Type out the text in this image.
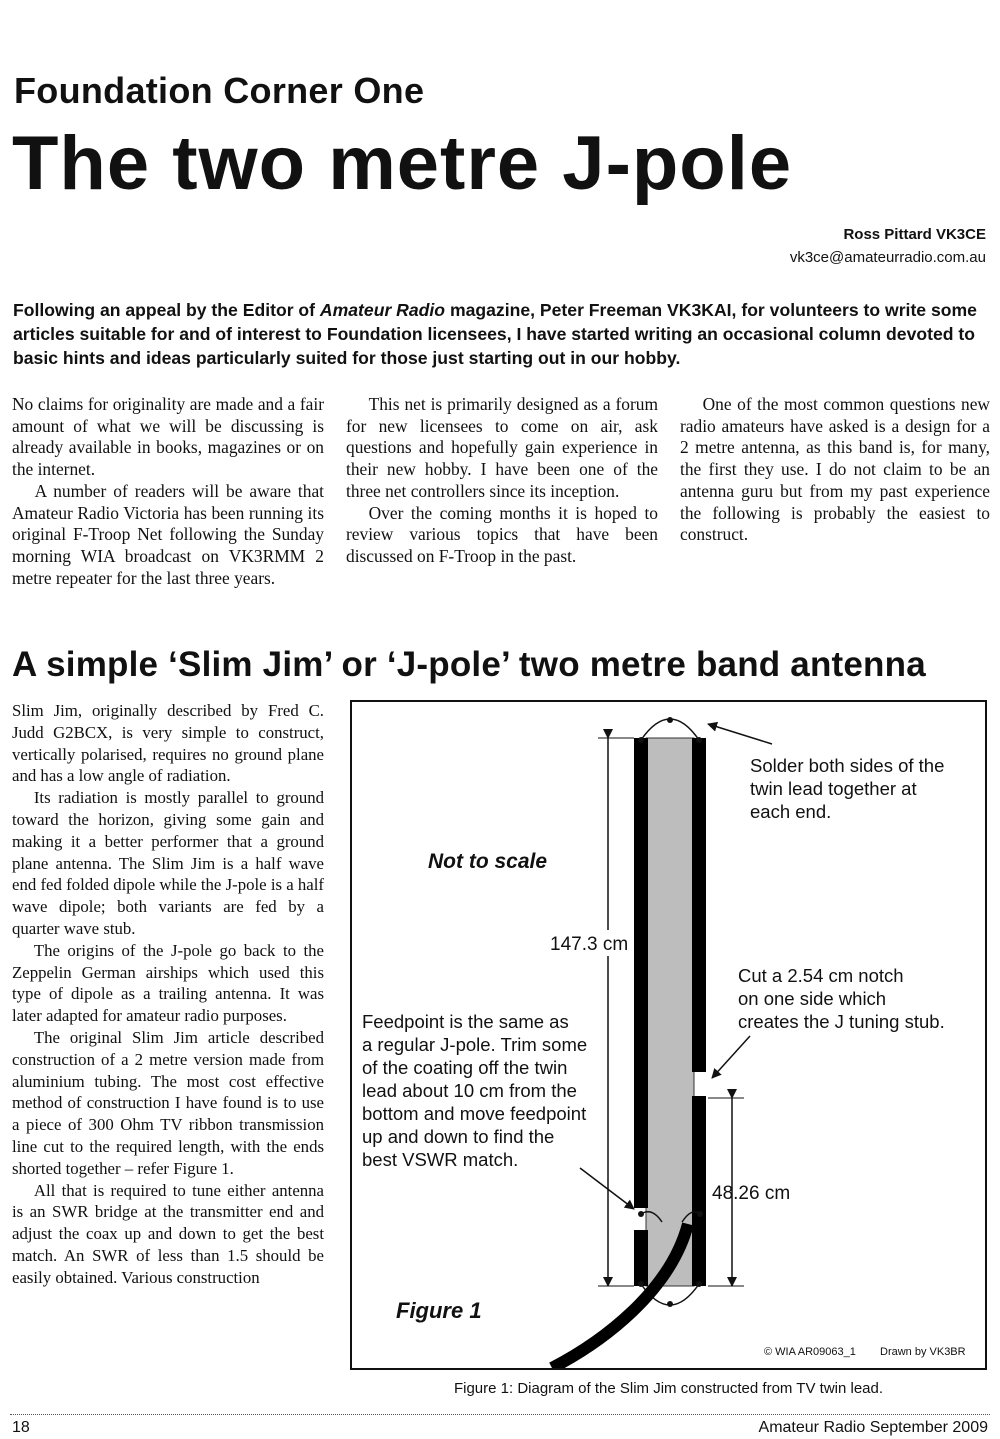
Foundation Corner One
The two metre J-pole
Ross Pittard VK3CE
vk3ce@amateurradio.com.au
Following an appeal by the Editor of Amateur Radio magazine, Peter Freeman VK3KAI, for volunteers to write some articles suitable for and of interest to Foundation licensees, I have started writing an occasional column devoted to basic hints and ideas particularly suited for those just starting out in our hobby.

No claims for originality are made and a fair amount of what we will be discussing is already available in books, magazines or on the internet.

A number of readers will be aware that Amateur Radio Victoria has been running its original F-Troop Net following the Sunday morning WIA broadcast on VK3RMM 2 metre repeater for the last three years.

This net is primarily designed as a forum for new licensees to come on air, ask questions and hopefully gain experience in their new hobby. I have been one of the three net controllers since its inception.

Over the coming months it is hoped to review various topics that have been discussed on F-Troop in the past.

One of the most common questions new radio amateurs have asked is a design for a 2 metre antenna, as this band is, for many, the first they use. I do not claim to be an antenna guru but from my past experience the following is probably the easiest to construct.

A simple ‘Slim Jim’ or ‘J-pole’ two metre band antenna

Slim Jim, originally described by Fred C. Judd G2BCX, is very simple to construct, vertically polarised, requires no ground plane and has a low angle of radiation.

Its radiation is mostly parallel to ground toward the horizon, giving some gain and making it a better performer that a ground plane antenna. The Slim Jim is a half wave end fed folded dipole while the J-pole is a half wave dipole; both variants are fed by a quarter wave stub.

The origins of the J-pole go back to the Zeppelin German airships which used this type of dipole as a trailing antenna. It was later adapted for amateur radio purposes.

The original Slim Jim article described construction of a 2 metre version made from aluminium tubing. The most cost effective method of construction I have found is to use a piece of 300 Ohm TV ribbon transmission line cut to the required length, with the ends shorted together – refer Figure 1.

All that is required to tune either antenna is an SWR bridge at the transmitter end and adjust the coax up and down to get the best match. An SWR of less than 1.5 should be easily obtained. Various construction

147.3 cm
48.26 cm
Not to scale
Solder both sides of the
twin lead together at
each end.
Cut a 2.54 cm notch
on one side which
creates the J tuning stub.
Feedpoint is the same as
a regular J-pole. Trim some
of the coating off the twin
lead about 10 cm from the
bottom and move feedpoint
up and down to find the
best VSWR match.
Figure 1
© WIA AR09063_1 Drawn by VK3BR
Figure 1: Diagram of the Slim Jim constructed from TV twin lead.
18	Amateur Radio September 2009
